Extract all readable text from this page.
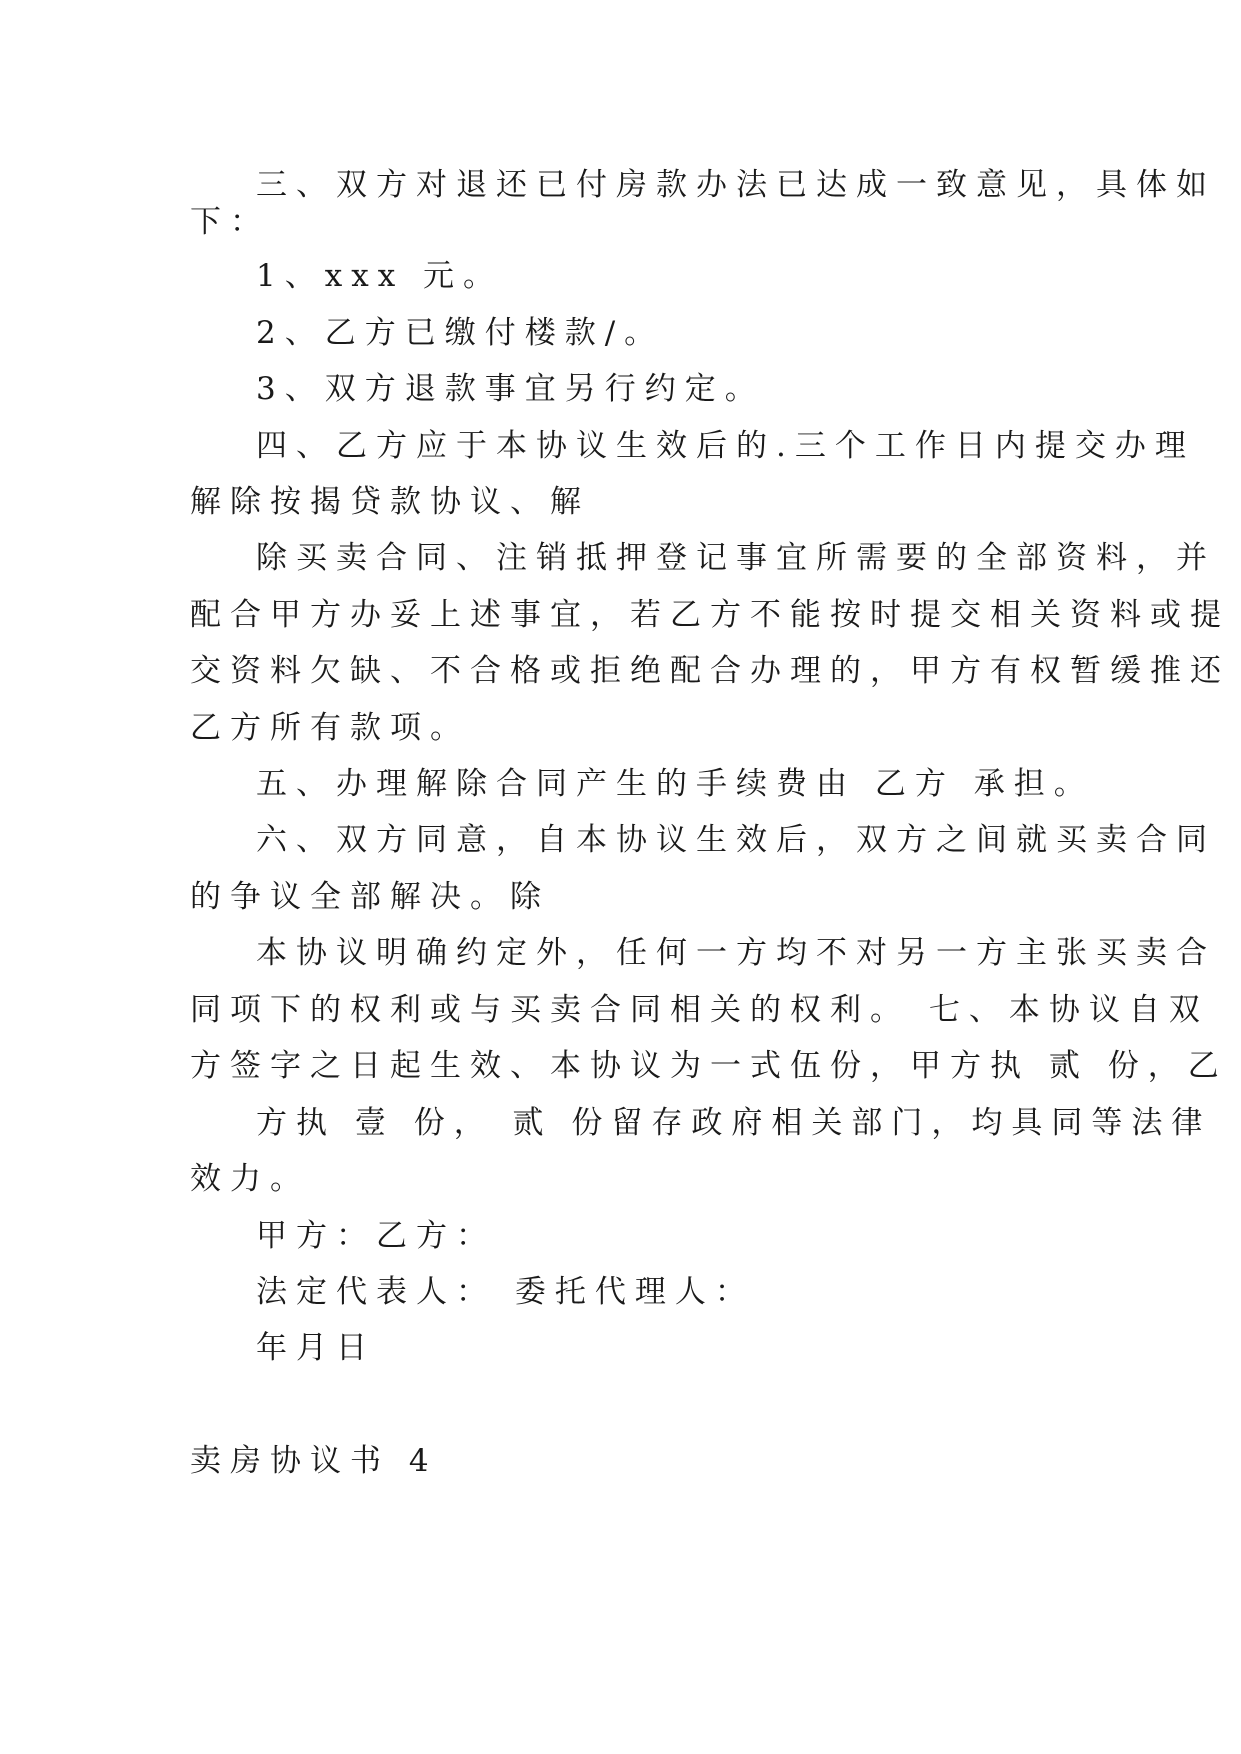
三、双方对退还已付房款办法已达成一致意见，具体如
下：
1、xxx 元。
2、乙方已缴付楼款/。
3、双方退款事宜另行约定。
四、乙方应于本协议生效后的.三个工作日内提交办理
解除按揭贷款协议、解
除买卖合同、注销抵押登记事宜所需要的全部资料，并
配合甲方办妥上述事宜，若乙方不能按时提交相关资料或提
交资料欠缺、不合格或拒绝配合办理的，甲方有权暂缓推还
乙方所有款项。
五、办理解除合同产生的手续费由 乙方 承担。
六、双方同意，自本协议生效后，双方之间就买卖合同
的争议全部解决。除
本协议明确约定外，任何一方均不对另一方主张买卖合
同项下的权利或与买卖合同相关的权利。 七、本协议自双
方签字之日起生效、本协议为一式伍份，甲方执 贰 份，乙
方执 壹 份， 贰 份留存政府相关部门，均具同等法律
效力。
甲方：乙方：
法定代表人： 委托代理人：
年月日
卖房协议书 4
